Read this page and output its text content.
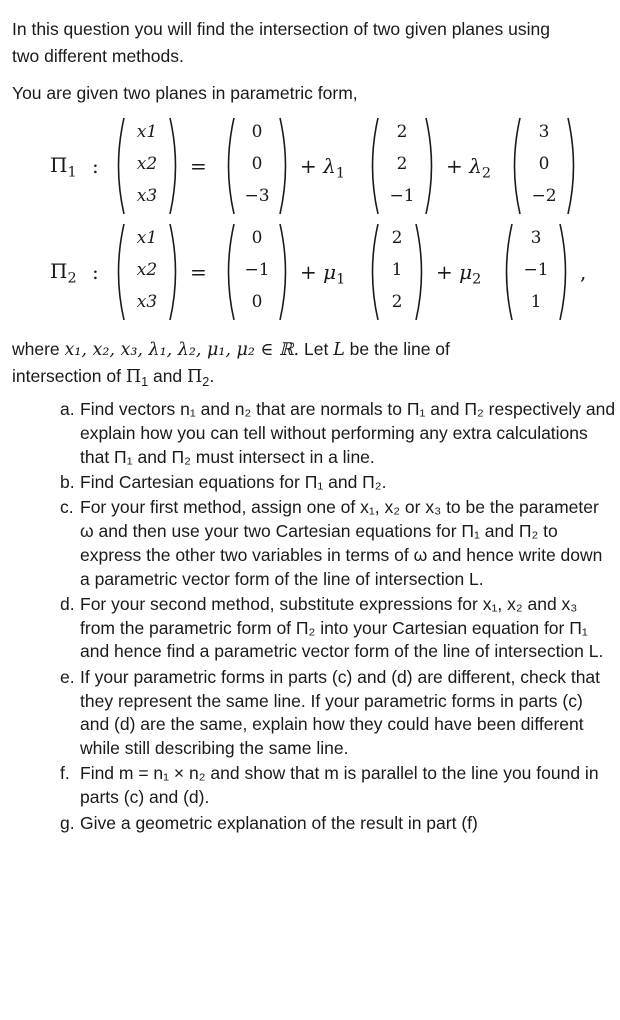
In this question you will find the intersection of two given planes using
two different methods.
You are given two planes in parametric form,
$\Pi_1$ :
x1
x2
x3
=
0
0
−3
+ $\lambda_1$
2
2
−1
+ $\lambda_2$
3
0
−2
$\Pi_2$ :
x1
x2
x3
=
0
−1
0
+ $\mu_1$
2
1
2
+ $\mu_2$
3
−1
1
,
where x₁, x₂, x₃, λ₁, λ₂, μ₁, μ₂ ∈ ℝ. Let L be the line of
intersection of $\Pi_1$ and $\Pi_2$.
a. Find vectors n₁ and n₂ that are normals to Π₁ and Π₂ respectively and explain how you can tell without performing any extra calculations that Π₁ and Π₂ must intersect in a line.
b. Find Cartesian equations for Π₁ and Π₂.
c. For your first method, assign one of x₁, x₂ or x₃ to be the parameter ω and then use your two Cartesian equations for Π₁ and Π₂ to express the other two variables in terms of ω and hence write down a parametric vector form of the line of intersection L.
d. For your second method, substitute expressions for x₁, x₂ and x₃ from the parametric form of Π₂ into your Cartesian equation for Π₁ and hence find a parametric vector form of the line of intersection L.
e. If your parametric forms in parts (c) and (d) are different, check that they represent the same line. If your parametric forms in parts (c) and (d) are the same, explain how they could have been different while still describing the same line.
f. Find m = n₁ × n₂ and show that m is parallel to the line you found in parts (c) and (d).
g. Give a geometric explanation of the result in part (f)
